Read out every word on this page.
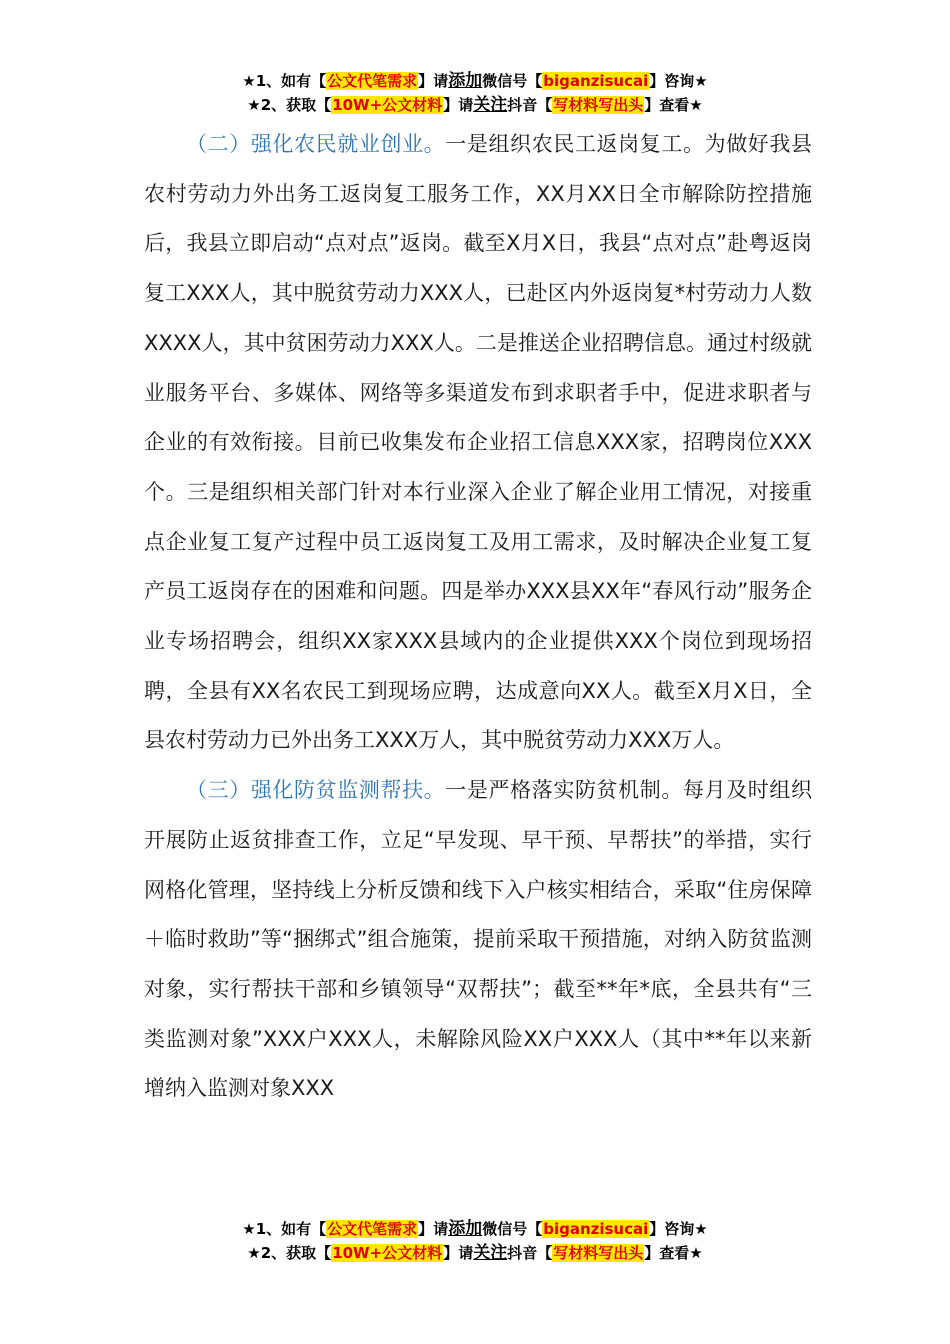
★1、如有【公文代笔需求】请添加微信号【biganzisucai】咨询★
★2、获取【10W+公文材料】请关注抖音【写材料写出头】查看★

（二）强化农民就业创业。一是组织农民工返岗复工。为做好我县农村劳动力外出务工返岗复工服务工作，XX月XX日全市解除防控措施后，我县立即启动“点对点”返岗。截至X月X日，我县“点对点”赴粤返岗复工XXX人，其中脱贫劳动力XXX人，已赴区内外返岗复*村劳动力人数XXXX人，其中贫困劳动力XXX人。二是推送企业招聘信息。通过村级就业服务平台、多媒体、网络等多渠道发布到求职者手中，促进求职者与企业的有效衔接。目前已收集发布企业招工信息XXX家，招聘岗位XXX个。三是组织相关部门针对本行业深入企业了解企业用工情况，对接重点企业复工复产过程中员工返岗复工及用工需求，及时解决企业复工复产员工返岗存在的困难和问题。四是举办XXX县XX年“春风行动”服务企业专场招聘会，组织XX家XXX县域内的企业提供XXX个岗位到现场招聘，全县有XX名农民工到现场应聘，达成意向XX人。截至X月X日，全县农村劳动力已外出务工XXX万人，其中脱贫劳动力XXX万人。

（三）强化防贫监测帮扶。一是严格落实防贫机制。每月及时组织开展防止返贫排查工作，立足“早发现、早干预、早帮扶”的举措，实行网格化管理，坚持线上分析反馈和线下入户核实相结合，采取“住房保障＋临时救助”等“捆绑式”组合施策，提前采取干预措施，对纳入防贫监测对象，实行帮扶干部和乡镇领导“双帮扶”；截至**年*底，全县共有“三类监测对象”XXX户XXX人，未解除风险XX户XXX人（其中**年以来新增纳入监测对象XXX

★1、如有【公文代笔需求】请添加微信号【biganzisucai】咨询★
★2、获取【10W+公文材料】请关注抖音【写材料写出头】查看★
